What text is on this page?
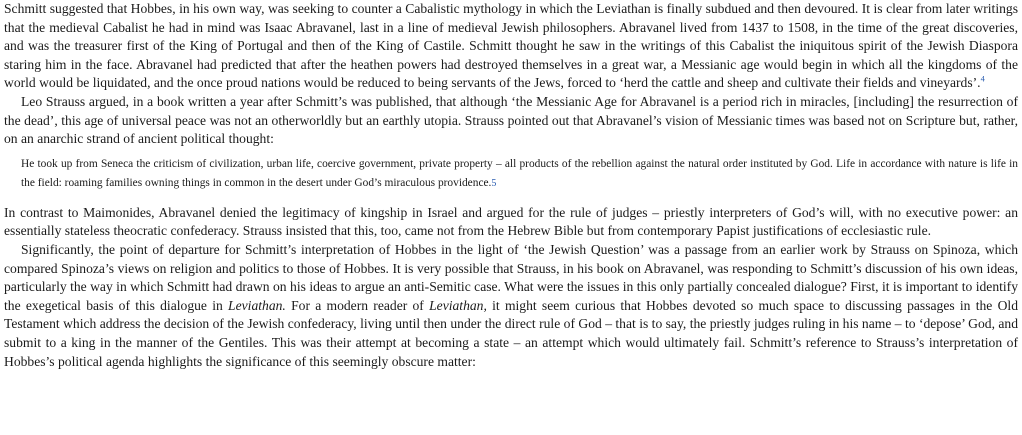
Schmitt suggested that Hobbes, in his own way, was seeking to counter a Cabalistic mythology in which the Leviathan is finally subdued and then devoured. It is clear from later writings that the medieval Cabalist he had in mind was Isaac Abravanel, last in a line of medieval Jewish philosophers. Abravanel lived from 1437 to 1508, in the time of the great discoveries, and was the treasurer first of the King of Portugal and then of the King of Castile. Schmitt thought he saw in the writings of this Cabalist the iniquitous spirit of the Jewish Diaspora staring him in the face. Abravanel had predicted that after the heathen powers had destroyed themselves in a great war, a Messianic age would begin in which all the kingdoms of the world would be liquidated, and the once proud nations would be reduced to being servants of the Jews, forced to ‘herd the cattle and sheep and cultivate their fields and vineyards’.$^4$

Leo Strauss argued, in a book written a year after Schmitt’s was published, that although ‘the Messianic Age for Abravanel is a period rich in miracles, [including] the resurrection of the dead’, this age of universal peace was not an otherworldly but an earthly utopia. Strauss pointed out that Abravanel’s vision of Messianic times was based not on Scripture but, rather, on an anarchic strand of ancient political thought:

He took up from Seneca the criticism of civilization, urban life, coercive government, private property – all products of the rebellion against the natural order instituted by God. Life in accordance with nature is life in the field: roaming families owning things in common in the desert under God’s miraculous providence.5

In contrast to Maimonides, Abravanel denied the legitimacy of kingship in Israel and argued for the rule of judges – priestly interpreters of God’s will, with no executive power: an essentially stateless theocratic confederacy. Strauss insisted that this, too, came not from the Hebrew Bible but from contemporary Papist justifications of ecclesiastic rule.

Significantly, the point of departure for Schmitt’s interpretation of Hobbes in the light of ‘the Jewish Question’ was a passage from an earlier work by Strauss on Spinoza, which compared Spinoza’s views on religion and politics to those of Hobbes. It is very possible that Strauss, in his book on Abravanel, was responding to Schmitt’s discussion of his own ideas, particularly the way in which Schmitt had drawn on his ideas to argue an anti-Semitic case. What were the issues in this only partially concealed dialogue? First, it is important to identify the exegetical basis of this dialogue in Leviathan. For a modern reader of Leviathan, it might seem curious that Hobbes devoted so much space to discussing passages in the Old Testament which address the decision of the Jewish confederacy, living until then under the direct rule of God – that is to say, the priestly judges ruling in his name – to ‘depose’ God, and submit to a king in the manner of the Gentiles. This was their attempt at becoming a state – an attempt which would ultimately fail. Schmitt’s reference to Strauss’s interpretation of Hobbes’s political agenda highlights the significance of this seemingly obscure matter:
